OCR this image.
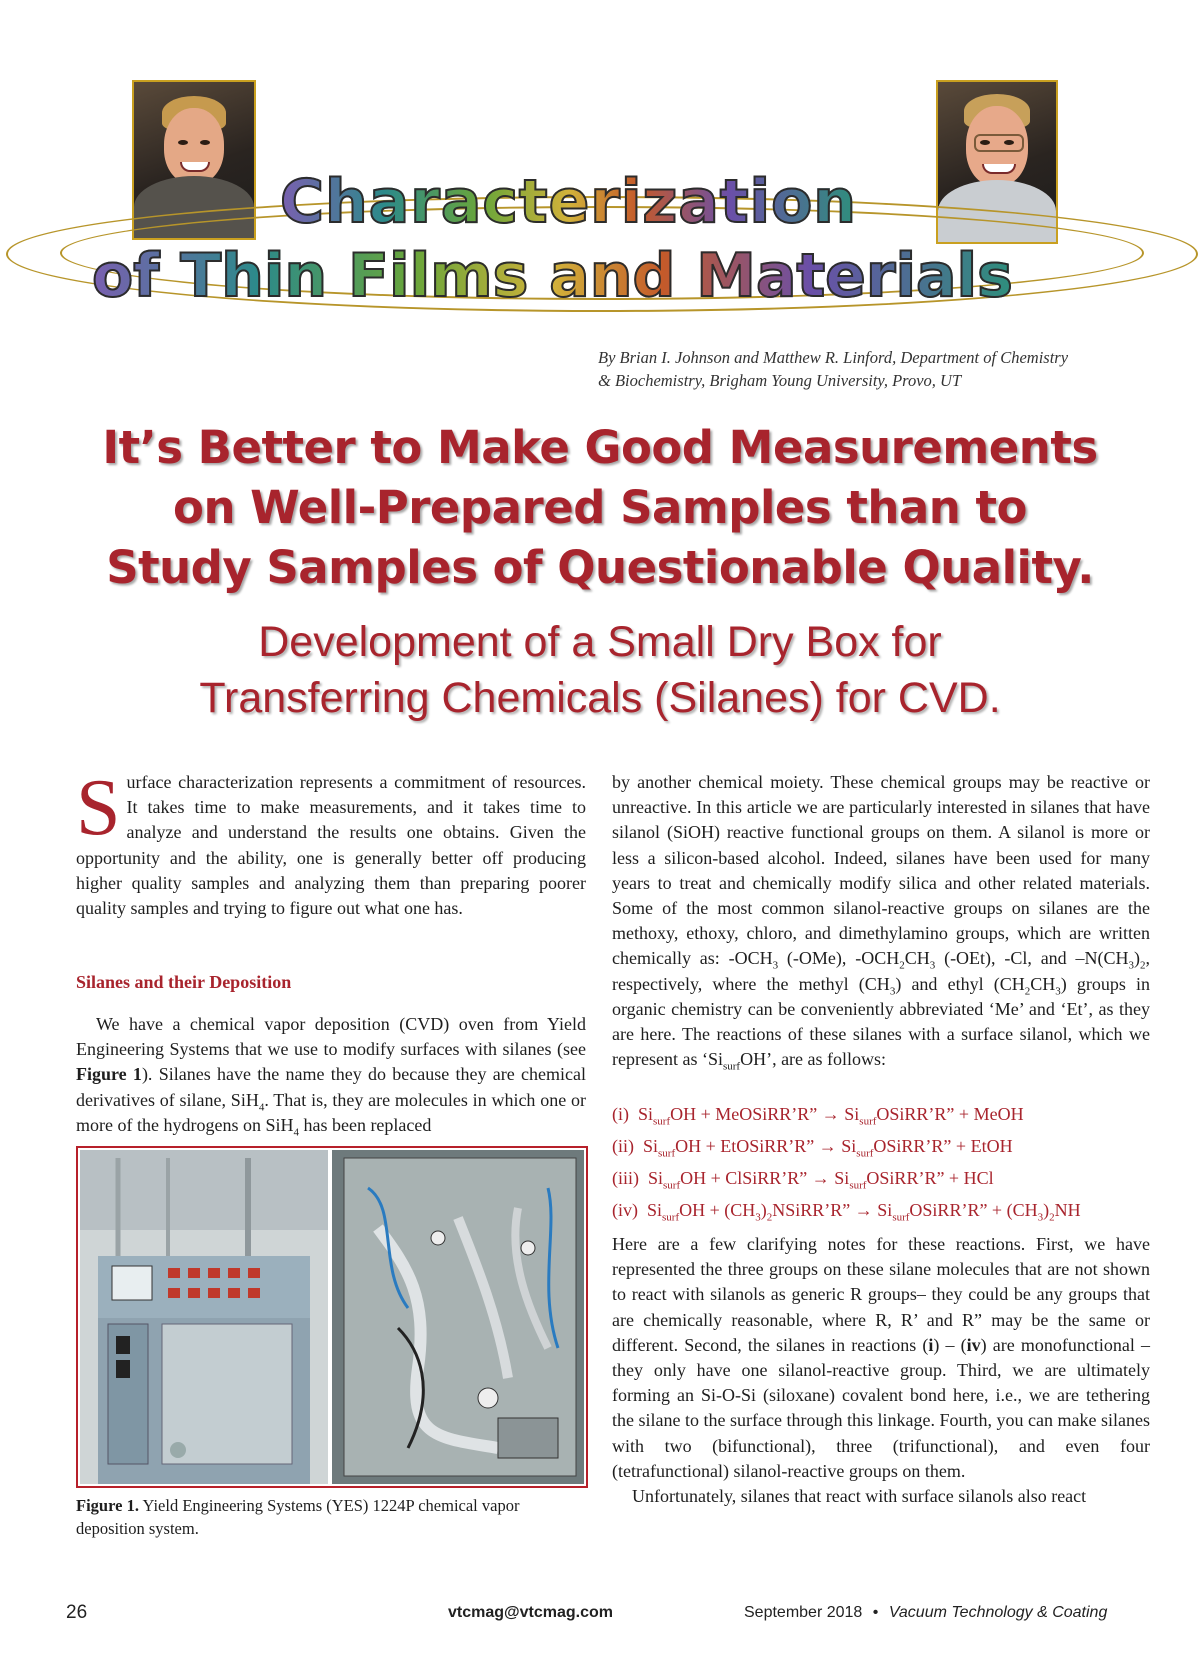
Characterization
of Thin Films and Materials
By Brian I. Johnson and Matthew R. Linford, Department of Chemistry
& Biochemistry, Brigham Young University, Provo, UT
It’s Better to Make Good Measurements
on Well-Prepared Samples than to
Study Samples of Questionable Quality.
Development of a Small Dry Box for
Transferring Chemicals (Silanes) for CVD.

Surface characterization represents a commitment of resources. It takes time to make measurements, and it takes time to analyze and understand the results one obtains. Given the opportunity and the ability, one is generally better off producing higher quality samples and analyzing them than preparing poorer quality samples and trying to figure out what one has.

Silanes and their Deposition

We have a chemical vapor deposition (CVD) oven from Yield Engineering Systems that we use to modify surfaces with silanes (see Figure 1). Silanes have the name they do because they are chemical derivatives of silane, SiH$_4$. That is, they are molecules in which one or more of the hydrogens on SiH$_4$ has been replaced

Figure 1. Yield Engineering Systems (YES) 1224P chemical vapor deposition system.

by another chemical moiety. These chemical groups may be reactive or unreactive. In this article we are particularly interested in silanes that have silanol (SiOH) reactive functional groups on them. A silanol is more or less a silicon-based alcohol. Indeed, silanes have been used for many years to treat and chemically modify silica and other related materials. Some of the most common silanol-reactive groups on silanes are the methoxy, ethoxy, chloro, and dimethylamino groups, which are written chemically as: $-OCH_3$ (-OMe), $-OCH_2CH_3$ (-OEt), -Cl, and $-N(CH_3)_2$, respectively, where the methyl $(CH_3)$ and ethyl $(CH_2CH_3)$ groups in organic chemistry can be conveniently abbreviated ‘Me’ and ‘Et’, as they are here. The reactions of these silanes with a surface silanol, which we represent as ‘$Si_{surf}OH$’, are as follows:

(i) $Si_{surf}OH$ + MeOSiRR’R” → $Si_{surf}OSiRR’R$” + MeOH
(ii) $Si_{surf}OH$ + EtOSiRR’R” → $Si_{surf}OSiRR’R$” + EtOH
(iii) $Si_{surf}OH$ + ClSiRR’R” → $Si_{surf}OSiRR’R$” + HCl
(iv) $Si_{surf}OH$ + $(CH_3)_2NSiRR’R$” → $Si_{surf}OSiRR’R$” + $(CH_3)_2NH$

Here are a few clarifying notes for these reactions. First, we have represented the three groups on these silane molecules that are not shown to react with silanols as generic R groups– they could be any groups that are chemically reasonable, where R, R’ and R” may be the same or different. Second, the silanes in reactions (i) – (iv) are monofunctional – they only have one silanol-reactive group. Third, we are ultimately forming an Si-O-Si (siloxane) covalent bond here, i.e., we are tethering the silane to the surface through this linkage. Fourth, you can make silanes with two (bifunctional), three (trifunctional), and even four (tetrafunctional) silanol-reactive groups on them.

Unfortunately, silanes that react with surface silanols also react

26	vtcmag@vtcmag.com	September 2018 • Vacuum Technology & Coating
